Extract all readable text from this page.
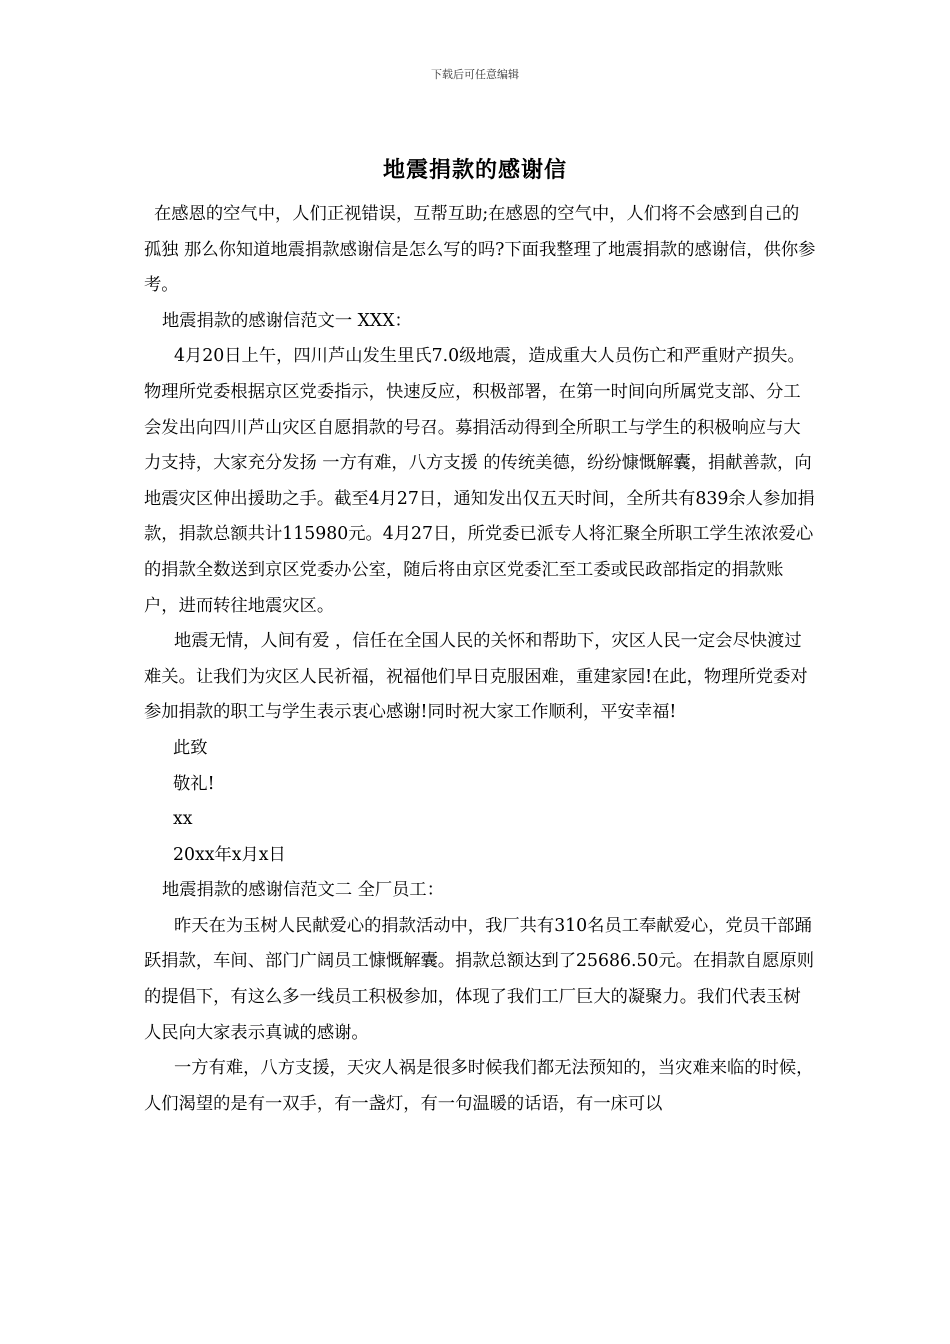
下载后可任意编辑
地震捐款的感谢信

在感恩的空气中，人们正视错误，互帮互助;在感恩的空气中，人们将不会感到自己的孤独 那么你知道地震捐款感谢信是怎么写的吗?下面我整理了地震捐款的感谢信，供你参考。

地震捐款的感谢信范文一 XXX：

4月20日上午，四川芦山发生里氏7.0级地震，造成重大人员伤亡和严重财产损失。物理所党委根据京区党委指示，快速反应，积极部署，在第一时间向所属党支部、分工会发出向四川芦山灾区自愿捐款的号召。募捐活动得到全所职工与学生的积极响应与大力支持，大家充分发扬 一方有难，八方支援 的传统美德，纷纷慷慨解囊，捐献善款，向地震灾区伸出援助之手。截至4月27日，通知发出仅五天时间，全所共有839余人参加捐款，捐款总额共计115980元。4月27日，所党委已派专人将汇聚全所职工学生浓浓爱心的捐款全数送到京区党委办公室，随后将由京区党委汇至工委或民政部指定的捐款账户，进而转往地震灾区。

地震无情，人间有爱 ，信任在全国人民的关怀和帮助下，灾区人民一定会尽快渡过难关。让我们为灾区人民祈福，祝福他们早日克服困难，重建家园!在此，物理所党委对参加捐款的职工与学生表示衷心感谢!同时祝大家工作顺利，平安幸福!

此致

敬礼!

xx

20xx年x月x日

地震捐款的感谢信范文二 全厂员工：

昨天在为玉树人民献爱心的捐款活动中，我厂共有310名员工奉献爱心，党员干部踊跃捐款，车间、部门广阔员工慷慨解囊。捐款总额达到了25686.50元。在捐款自愿原则的提倡下，有这么多一线员工积极参加，体现了我们工厂巨大的凝聚力。我们代表玉树人民向大家表示真诚的感谢。

一方有难，八方支援，天灾人祸是很多时候我们都无法预知的，当灾难来临的时候，人们渴望的是有一双手，有一盏灯，有一句温暖的话语，有一床可以
